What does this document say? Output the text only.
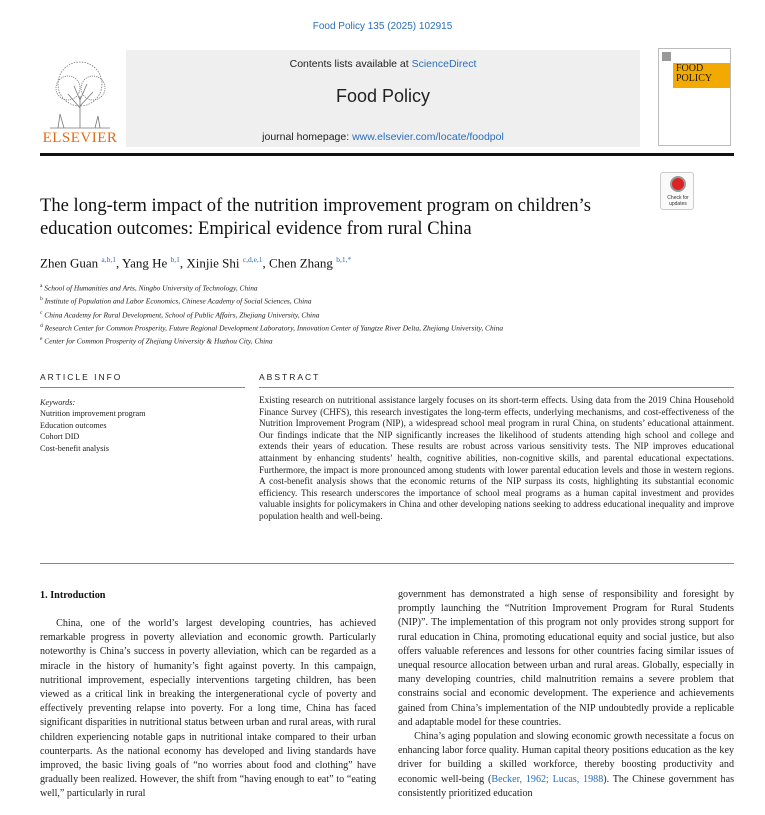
Food Policy 135 (2025) 102915
ELSEVIER
Contents lists available at ScienceDirect
Food Policy
journal homepage: www.elsevier.com/locate/foodpol
FOOD
POLICY
The long-term impact of the nutrition improvement program on children’s education outcomes: Empirical evidence from rural China
Check for
updates
Zhen Guan $^{a,b,1}$, Yang He $^{b,1}$, Xinjie Shi $^{c,d,e,1}$, Chen Zhang $^{b,1,*}$
$^a$ School of Humanities and Arts, Ningbo University of Technology, China
$^b$ Institute of Population and Labor Economics, Chinese Academy of Social Sciences, China
$^c$ China Academy for Rural Development, School of Public Affairs, Zhejiang University, China
$^d$ Research Center for Common Prosperity, Future Regional Development Laboratory, Innovation Center of Yangtze River Delta, Zhejiang University, China
$^e$ Center for Common Prosperity of Zhejiang University & Huzhou City, China
ARTICLE INFO	ABSTRACT
Keywords:
Nutrition improvement program
Education outcomes
Cohort DID
Cost-benefit analysis
Existing research on nutritional assistance largely focuses on its short-term effects. Using data from the 2019 China Household Finance Survey (CHFS), this research investigates the long-term effects, underlying mechanisms, and cost-effectiveness of the Nutrition Improvement Program (NIP), a widespread school meal program in rural China, on students’ educational attainment. Our findings indicate that the NIP significantly increases the likelihood of students attending high school and college and extends their years of education. These results are robust across various sensitivity tests. The NIP improves educational attainment by enhancing students’ health, cognitive abilities, non-cognitive skills, and parental educational expectations. Furthermore, the impact is more pronounced among students with lower parental education levels and those in western regions. A cost-benefit analysis shows that the economic returns of the NIP surpass its costs, highlighting its substantial economic efficiency. This research underscores the importance of school meal programs as a human capital investment and provides valuable insights for policymakers in China and other developing nations seeking to address educational inequality and improve population health and well-being.
1. Introduction

China, one of the world’s largest developing countries, has achieved remarkable progress in poverty alleviation and economic growth. Particularly noteworthy is China’s success in poverty alleviation, which can be regarded as a miracle in the history of humanity’s fight against poverty. In this campaign, nutritional improvement, especially interventions targeting children, has been viewed as a critical link in breaking the intergenerational cycle of poverty and effectively preventing relapse into poverty. For a long time, China has faced significant disparities in nutritional status between urban and rural areas, with rural children experiencing notable gaps in nutritional intake compared to their urban counterparts. As the national economy has developed and living standards have improved, the basic living goals of “no worries about food and clothing” have gradually been realized. However, the shift from “having enough to eat” to “eating well,” particularly in rural

government has demonstrated a high sense of responsibility and foresight by promptly launching the “Nutrition Improvement Program for Rural Students (NIP)”. The implementation of this program not only provides strong support for rural education in China, promoting educational equity and social justice, but also offers valuable references and lessons for other countries facing similar issues of unequal resource allocation between urban and rural areas. Globally, especially in many developing countries, child malnutrition remains a severe problem that constrains social and economic development. The experience and achievements gained from China’s implementation of the NIP undoubtedly provide a replicable and adaptable model for these countries.

China’s aging population and slowing economic growth necessitate a focus on enhancing labor force quality. Human capital theory positions education as the key driver for building a skilled workforce, thereby boosting productivity and economic well-being (Becker, 1962; Lucas, 1988). The Chinese government has consistently prioritized education
